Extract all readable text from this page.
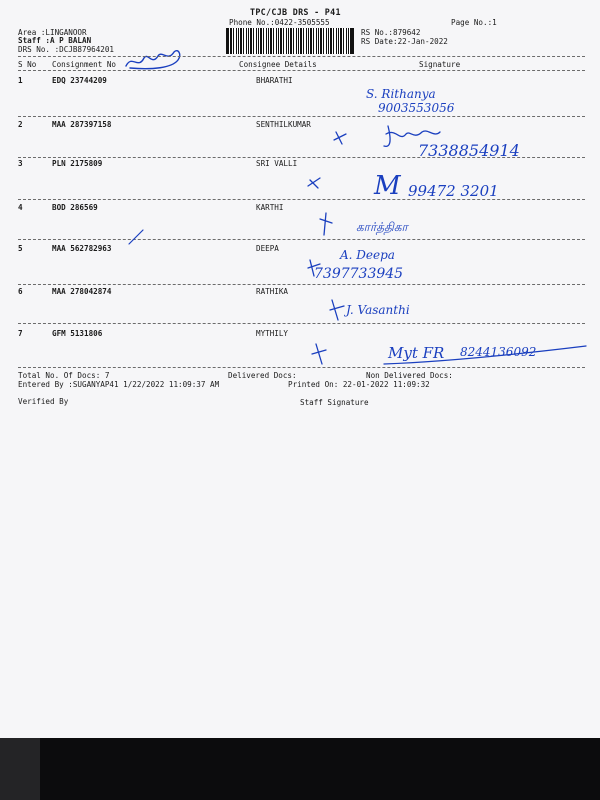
TPC/CJB DRS - P41
Phone No.:0422-3505555	Page No.:1
Area :LINGANOOR
Staff :A P BALAN
DRS No. :DCJB87964201
RS No.:879642
RS Date:22-Jan-2022
S No Consignment No	Consignee Details	Signature
1	EDQ 23744209	BHARATHI
S. Rithanya
9003553056
2	MAA 287397158	SENTHILKUMAR
7338854914
3	PLN 2175809	SRI VALLI
M 99472 3201
4	BOD 286569	KARTHI
கார்த்திகா
5	MAA 562782963	DEEPA	A. Deepa
7397733945
6	MAA 278042874	RATHIKA
J. Vasanthi
7	GFM 5131806	MYTHILY
Myt FR 8244136092
Total No. Of Docs: 7	Delivered Docs:	Non Delivered Docs:
Entered By :SUGANYAP41 1/22/2022 11:09:37 AM	Printed On: 22-01-2022 11:09:32
Verified By	Staff Signature
